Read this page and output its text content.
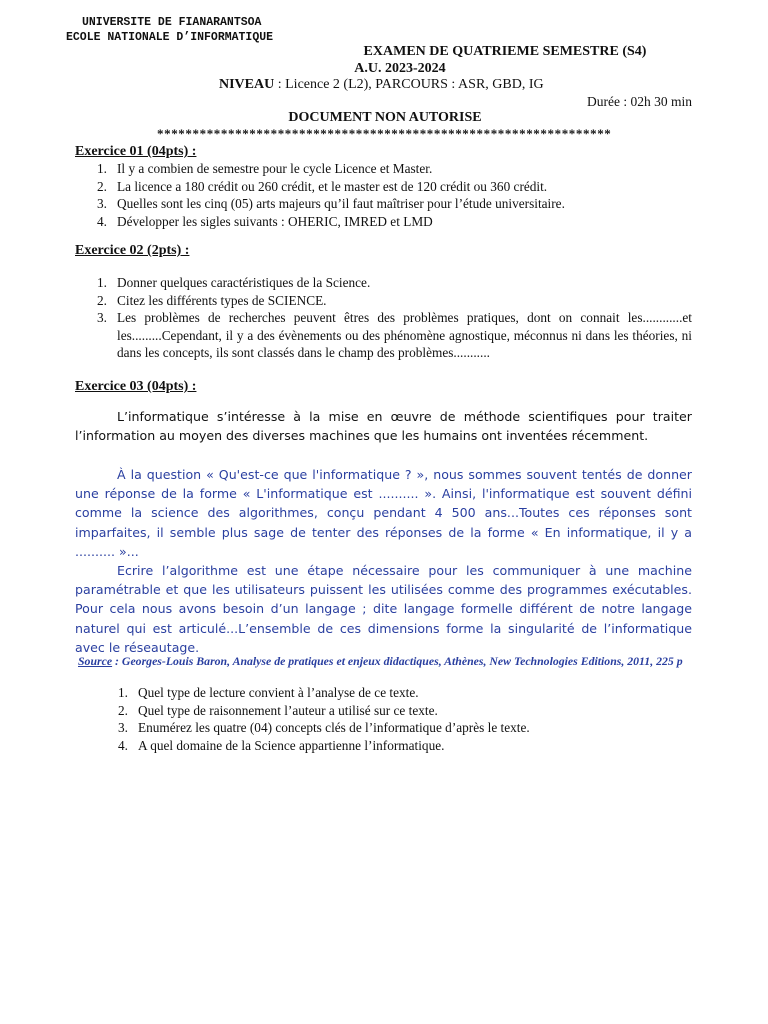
UNIVERSITE DE FIANARANTSOA
ECOLE NATIONALE D’INFORMATIQUE
EXAMEN DE QUATRIEME SEMESTRE (S4)
A.U. 2023-2024
NIVEAU : Licence 2 (L2), PARCOURS : ASR, GBD, IG
Durée : 02h 30 min
DOCUMENT NON AUTORISE
****************************************************************
Exercice 01 (04pts) :
1. Il y a combien de semestre pour le cycle Licence et Master.
2. La licence a 180 crédit ou 260 crédit, et le master est de 120 crédit ou 360 crédit.
3. Quelles sont les cinq (05) arts majeurs qu’il faut maîtriser pour l’étude universitaire.
4. Développer les sigles suivants : OHERIC, IMRED et LMD
Exercice 02 (2pts) :
1. Donner quelques caractéristiques de la Science.
2. Citez les différents types de SCIENCE.
3. Les problèmes de recherches peuvent êtres des problèmes pratiques, dont on connait les............et les.........Cependant, il y a des évènements ou des phénomène agnostique, méconnus ni dans les théories, ni dans les concepts, ils sont classés dans le champ des problèmes...........
Exercice 03 (04pts) :
L’informatique s’intéresse à la mise en œuvre de méthode scientifiques pour traiter l’information au moyen des diverses machines que les humains ont inventées récemment.
À la question « Qu'est-ce que l'informatique ? », nous sommes souvent tentés de donner une réponse de la forme « L'informatique est .......... ». Ainsi, l'informatique est souvent défini comme la science des algorithmes, conçu pendant 4 500 ans...Toutes ces réponses sont imparfaites, il semble plus sage de tenter des réponses de la forme « En informatique, il y a .......... »...
Ecrire l’algorithme est une étape nécessaire pour les communiquer à une machine paramétrable et que les utilisateurs puissent les utilisées comme des programmes exécutables. Pour cela nous avons besoin d’un langage ; dite langage formelle différent de notre langage naturel qui est articulé...L’ensemble de ces dimensions forme la singularité de l’informatique avec le réseautage.
Source : Georges-Louis Baron, Analyse de pratiques et enjeux didactiques, Athènes, New Technologies Editions, 2011, 225 p
1. Quel type de lecture convient à l’analyse de ce texte.
2. Quel type de raisonnement l’auteur a utilisé sur ce texte.
3. Enumérez les quatre (04) concepts clés de l’informatique d’après le texte.
4. A quel domaine de la Science appartienne l’informatique.
